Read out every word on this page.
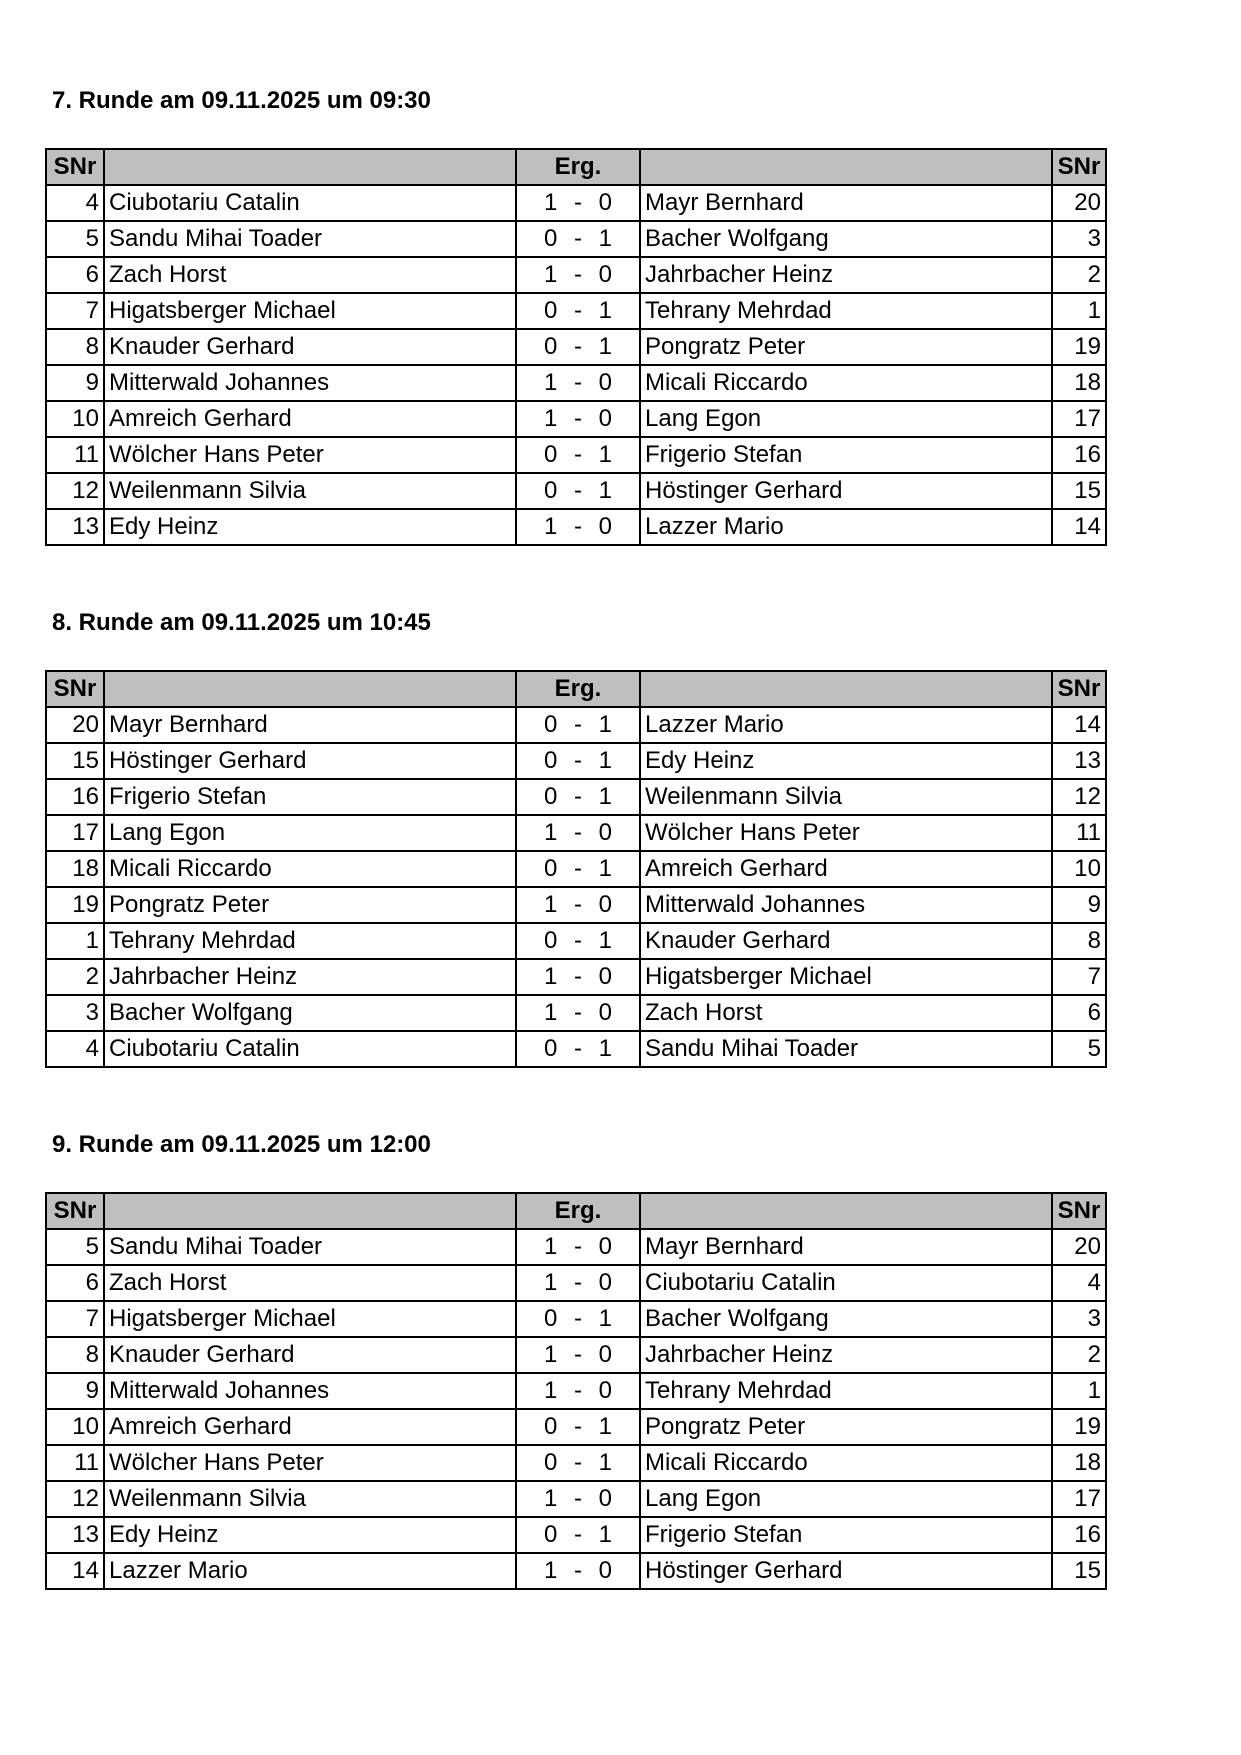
7. Runde am 09.11.2025 um 09:30
SNr		Erg.		SNr
4	Ciubotariu Catalin	1 - 0	Mayr Bernhard	20
5	Sandu Mihai Toader	0 - 1	Bacher Wolfgang	3
6	Zach Horst	1 - 0	Jahrbacher Heinz	2
7	Higatsberger Michael	0 - 1	Tehrany Mehrdad	1
8	Knauder Gerhard	0 - 1	Pongratz Peter	19
9	Mitterwald Johannes	1 - 0	Micali Riccardo	18
10	Amreich Gerhard	1 - 0	Lang Egon	17
11	Wölcher Hans Peter	0 - 1	Frigerio Stefan	16
12	Weilenmann Silvia	0 - 1	Höstinger Gerhard	15
13	Edy Heinz	1 - 0	Lazzer Mario	14
8. Runde am 09.11.2025 um 10:45
SNr		Erg.		SNr
20	Mayr Bernhard	0 - 1	Lazzer Mario	14
15	Höstinger Gerhard	0 - 1	Edy Heinz	13
16	Frigerio Stefan	0 - 1	Weilenmann Silvia	12
17	Lang Egon	1 - 0	Wölcher Hans Peter	11
18	Micali Riccardo	0 - 1	Amreich Gerhard	10
19	Pongratz Peter	1 - 0	Mitterwald Johannes	9
1	Tehrany Mehrdad	0 - 1	Knauder Gerhard	8
2	Jahrbacher Heinz	1 - 0	Higatsberger Michael	7
3	Bacher Wolfgang	1 - 0	Zach Horst	6
4	Ciubotariu Catalin	0 - 1	Sandu Mihai Toader	5
9. Runde am 09.11.2025 um 12:00
SNr		Erg.		SNr
5	Sandu Mihai Toader	1 - 0	Mayr Bernhard	20
6	Zach Horst	1 - 0	Ciubotariu Catalin	4
7	Higatsberger Michael	0 - 1	Bacher Wolfgang	3
8	Knauder Gerhard	1 - 0	Jahrbacher Heinz	2
9	Mitterwald Johannes	1 - 0	Tehrany Mehrdad	1
10	Amreich Gerhard	0 - 1	Pongratz Peter	19
11	Wölcher Hans Peter	0 - 1	Micali Riccardo	18
12	Weilenmann Silvia	1 - 0	Lang Egon	17
13	Edy Heinz	0 - 1	Frigerio Stefan	16
14	Lazzer Mario	1 - 0	Höstinger Gerhard	15
